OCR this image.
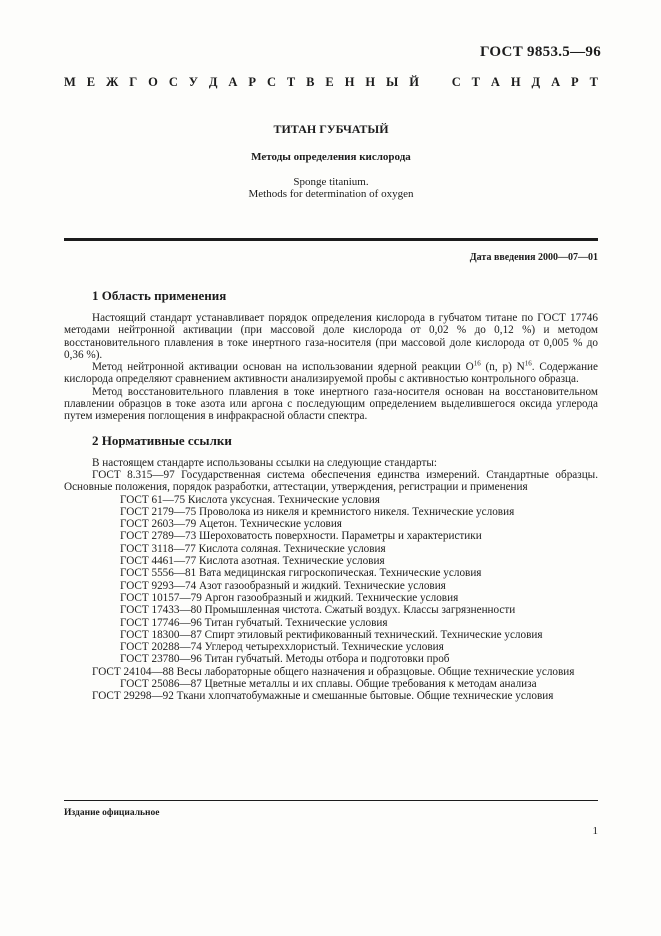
ГОСТ 9853.5—96
М Е Ж Г О С У Д А Р С Т В Е Н Н Ы Й	С Т А Н Д А Р Т
ТИТАН ГУБЧАТЫЙ
Методы определения кислорода
Sponge titanium.
Methods for determination of oxygen
Дата введения 2000—07—01
1 Область применения

Настоящий стандарт устанавливает порядок определения кислорода в губчатом титане по ГОСТ 17746 методами нейтронной активации (при массовой доле кислорода от 0,02 % до 0,12 %) и методом восстановительного плавления в токе инертного газа-носителя (при массовой доле кислорода от 0,005 % до 0,36 %).

Метод нейтронной активации основан на использовании ядерной реакции $O^{16}$ (n, p) $N^{16}$. Содержание кислорода определяют сравнением активности анализируемой пробы с активностью контрольного образца.

Метод восстановительного плавления в токе инертного газа-носителя основан на восстановительном плавлении образцов в токе азота или аргона с последующим определением выделившегося оксида углерода путем измерения поглощения в инфракрасной области спектра.

2 Нормативные ссылки

В настоящем стандарте использованы ссылки на следующие стандарты:

ГОСТ 8.315—97 Государственная система обеспечения единства измерений. Стандартные образцы. Основные положения, порядок разработки, аттестации, утверждения, регистрации и применения

ГОСТ 61—75 Кислота уксусная. Технические условия

ГОСТ 2179—75 Проволока из никеля и кремнистого никеля. Технические условия

ГОСТ 2603—79 Ацетон. Технические условия

ГОСТ 2789—73 Шероховатость поверхности. Параметры и характеристики

ГОСТ 3118—77 Кислота соляная. Технические условия

ГОСТ 4461—77 Кислота азотная. Технические условия

ГОСТ 5556—81 Вата медицинская гигроскопическая. Технические условия

ГОСТ 9293—74 Азот газообразный и жидкий. Технические условия

ГОСТ 10157—79 Аргон газообразный и жидкий. Технические условия

ГОСТ 17433—80 Промышленная чистота. Сжатый воздух. Классы загрязненности

ГОСТ 17746—96 Титан губчатый. Технические условия

ГОСТ 18300—87 Спирт этиловый ректификованный технический. Технические условия

ГОСТ 20288—74 Углерод четыреххлористый. Технические условия

ГОСТ 23780—96 Титан губчатый. Методы отбора и подготовки проб

ГОСТ 24104—88 Весы лабораторные общего назначения и образцовые. Общие технические условия

ГОСТ 25086—87 Цветные металлы и их сплавы. Общие требования к методам анализа

ГОСТ 29298—92 Ткани хлопчатобумажные и смешанные бытовые. Общие технические условия

Издание официальное
1
